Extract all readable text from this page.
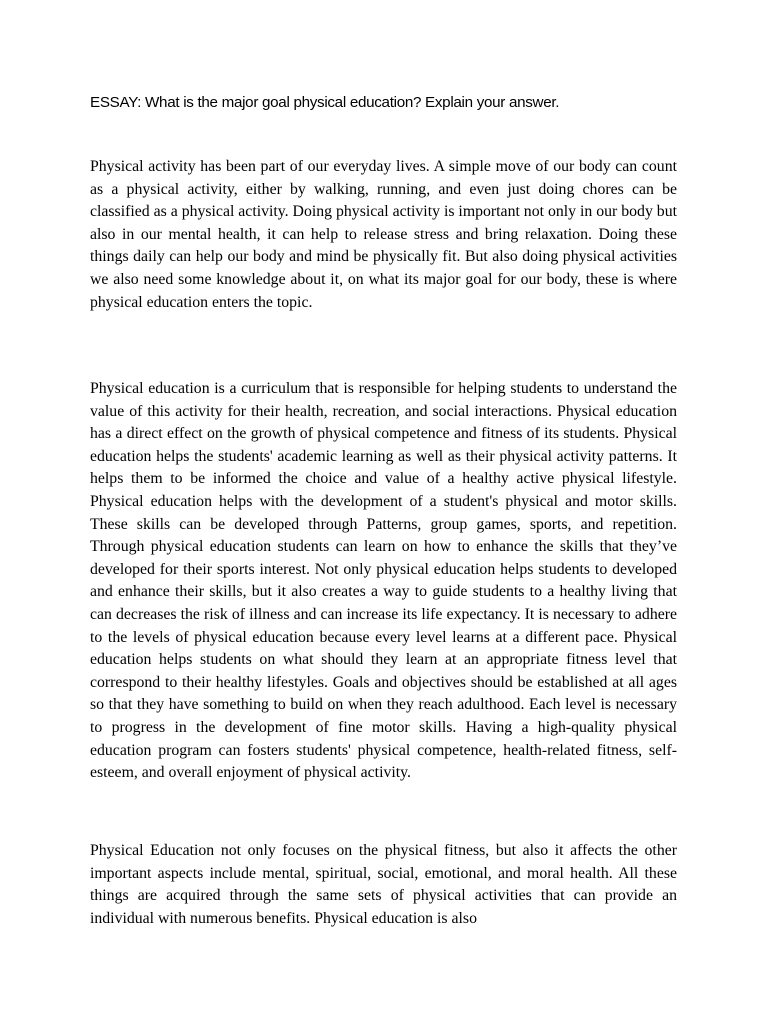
ESSAY: What is the major goal physical education? Explain your answer.

Physical activity has been part of our everyday lives. A simple move of our body can count as a physical activity, either by walking, running, and even just doing chores can be classified as a physical activity. Doing physical activity is important not only in our body but also in our mental health, it can help to release stress and bring relaxation. Doing these things daily can help our body and mind be physically fit. But also doing physical activities we also need some knowledge about it, on what its major goal for our body, these is where physical education enters the topic.

Physical education is a curriculum that is responsible for helping students to understand the value of this activity for their health, recreation, and social interactions. Physical education has a direct effect on the growth of physical competence and fitness of its students. Physical education helps the students' academic learning as well as their physical activity patterns. It helps them to be informed the choice and value of a healthy active physical lifestyle. Physical education helps with the development of a student's physical and motor skills. These skills can be developed through Patterns, group games, sports, and repetition. Through physical education students can learn on how to enhance the skills that they’ve developed for their sports interest. Not only physical education helps students to developed and enhance their skills, but it also creates a way to guide students to a healthy living that can decreases the risk of illness and can increase its life expectancy. It is necessary to adhere to the levels of physical education because every level learns at a different pace. Physical education helps students on what should they learn at an appropriate fitness level that correspond to their healthy lifestyles. Goals and objectives should be established at all ages so that they have something to build on when they reach adulthood. Each level is necessary to progress in the development of fine motor skills. Having a high-quality physical education program can fosters students' physical competence, health-related fitness, self-esteem, and overall enjoyment of physical activity.

Physical Education not only focuses on the physical fitness, but also it affects the other important aspects include mental, spiritual, social, emotional, and moral health. All these things are acquired through the same sets of physical activities that can provide an individual with numerous benefits. Physical education is also
